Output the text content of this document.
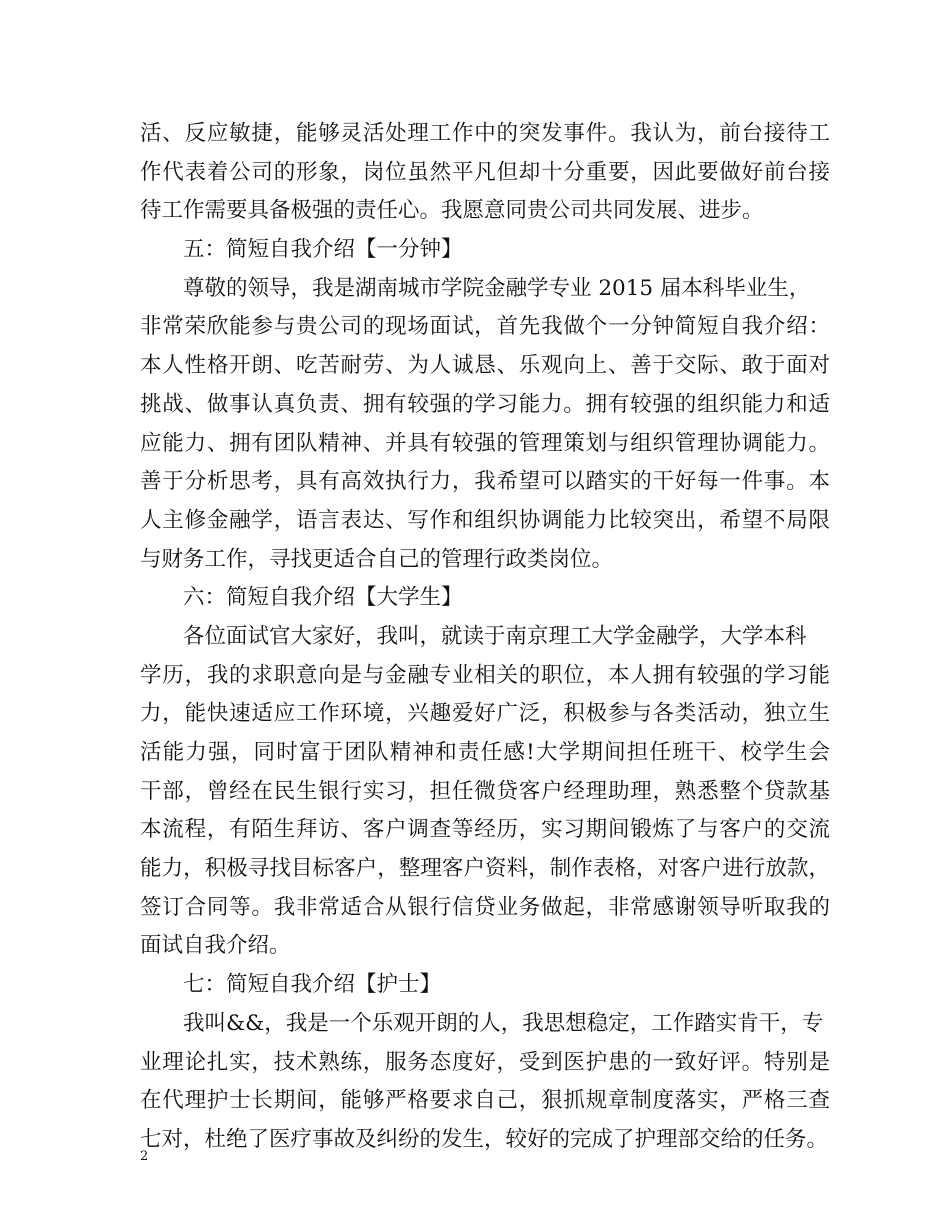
活、反应敏捷，能够灵活处理工作中的突发事件。我认为，前台接待工
作代表着公司的形象，岗位虽然平凡但却十分重要，因此要做好前台接
待工作需要具备极强的责任心。我愿意同贵公司共同发展、进步。
五：简短自我介绍【一分钟】
尊敬的领导，我是湖南城市学院金融学专业 2015 届本科毕业生，
非常荣欣能参与贵公司的现场面试，首先我做个一分钟简短自我介绍：
本人性格开朗、吃苦耐劳、为人诚恳、乐观向上、善于交际、敢于面对
挑战、做事认真负责、拥有较强的学习能力。拥有较强的组织能力和适
应能力、拥有团队精神、并具有较强的管理策划与组织管理协调能力。
善于分析思考，具有高效执行力，我希望可以踏实的干好每一件事。本
人主修金融学，语言表达、写作和组织协调能力比较突出，希望不局限
与财务工作，寻找更适合自己的管理行政类岗位。
六：简短自我介绍【大学生】
各位面试官大家好，我叫，就读于南京理工大学金融学，大学本科
学历，我的求职意向是与金融专业相关的职位，本人拥有较强的学习能
力，能快速适应工作环境，兴趣爱好广泛，积极参与各类活动，独立生
活能力强，同时富于团队精神和责任感!大学期间担任班干、校学生会
干部，曾经在民生银行实习，担任微贷客户经理助理，熟悉整个贷款基
本流程，有陌生拜访、客户调查等经历，实习期间锻炼了与客户的交流
能力，积极寻找目标客户，整理客户资料，制作表格，对客户进行放款，
签订合同等。我非常适合从银行信贷业务做起，非常感谢领导听取我的
面试自我介绍。
七：简短自我介绍【护士】
我叫&&，我是一个乐观开朗的人，我思想稳定，工作踏实肯干，专
业理论扎实，技术熟练，服务态度好，受到医护患的一致好评。特别是
在代理护士长期间，能够严格要求自己，狠抓规章制度落实，严格三查
七对，杜绝了医疗事故及纠纷的发生，较好的完成了护理部交给的任务。
2
